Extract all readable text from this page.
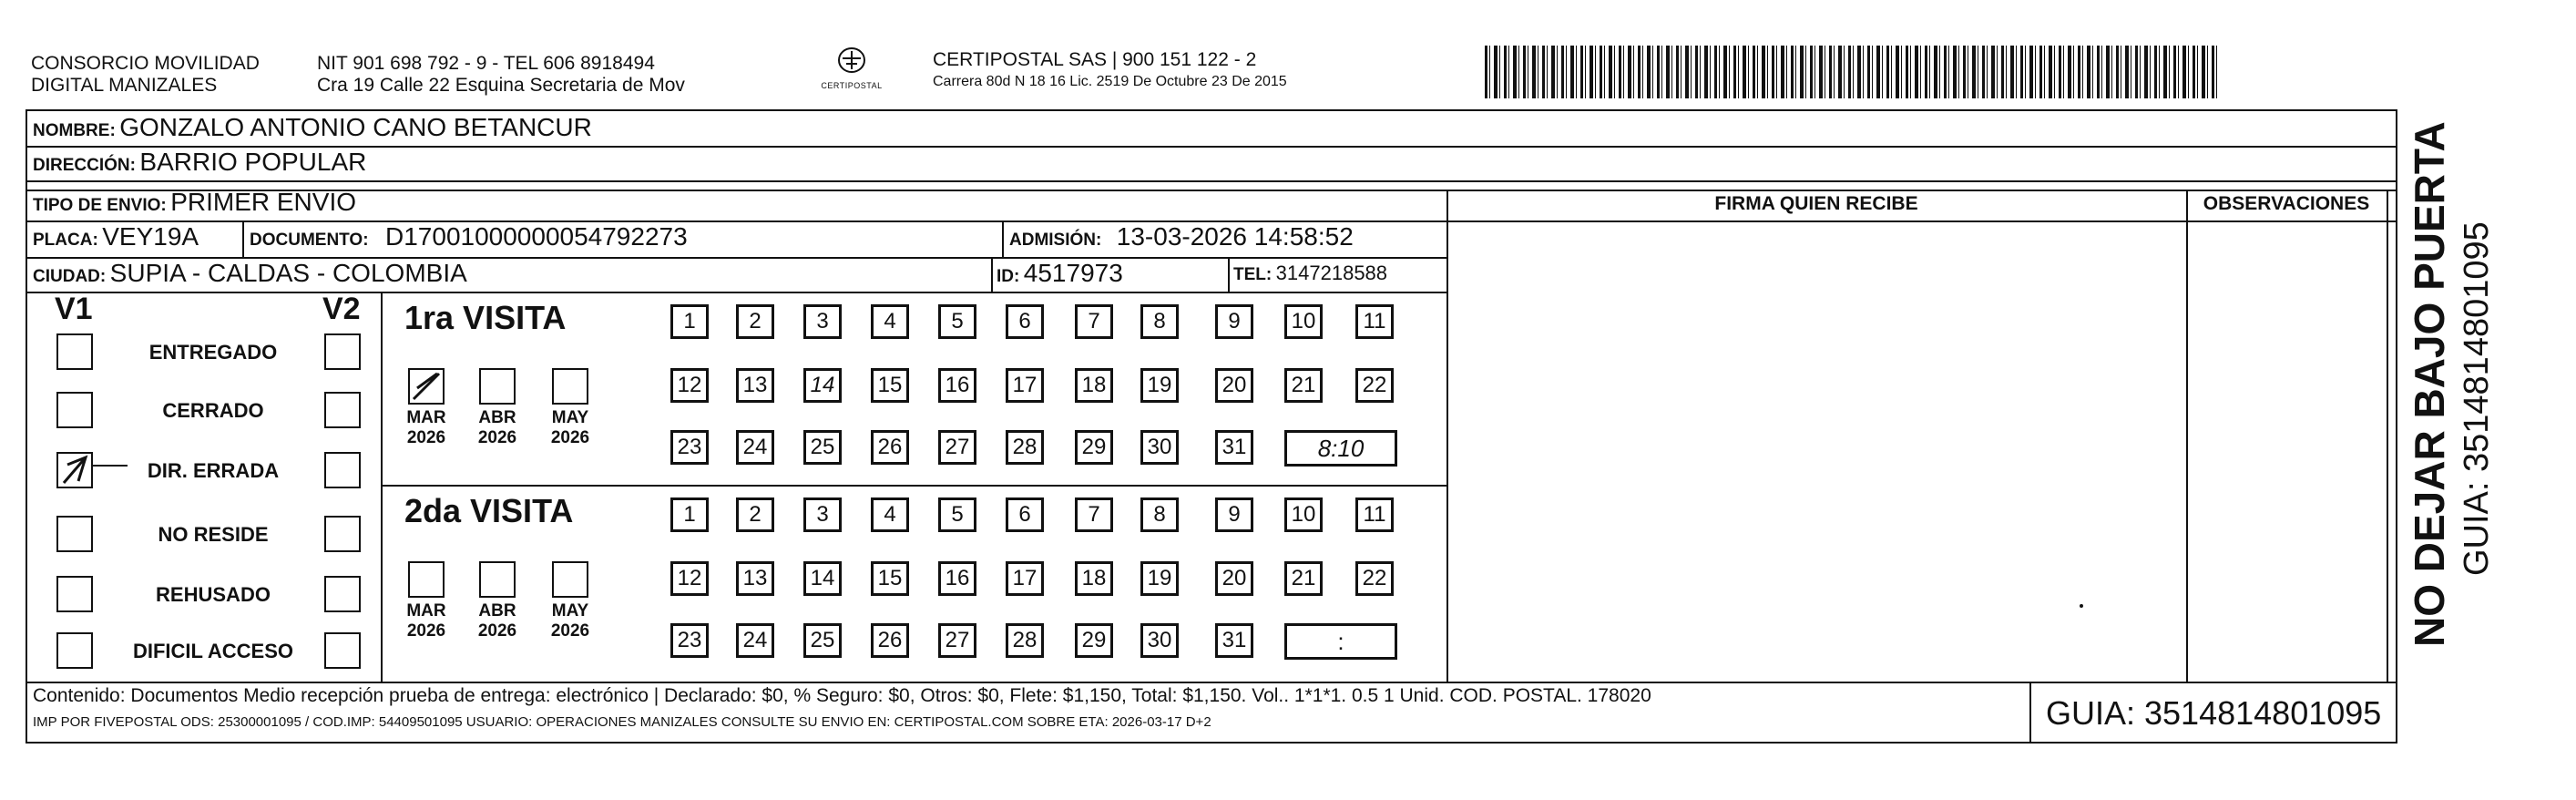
CONSORCIO MOVILIDAD
DIGITAL MANIZALES
NIT 901 698 792 - 9 - TEL 606 8918494
Cra 19 Calle 22 Esquina Secretaria de Mov	CERTIPOSTAL
CERTIPOSTAL SAS | 900 151 122 - 2
Carrera 80d N 18 16 Lic. 2519 De Octubre 23 De 2015
NOMBRE: GONZALO ANTONIO CANO BETANCUR
DIRECCIÓN: BARRIO POPULAR
TIPO DE ENVIO: PRIMER ENVIO
PLACA: VEY19A	DOCUMENTO: D17001000000054792273	ADMISIÓN: 13-03-2026 14:58:52
CIUDAD: SUPIA - CALDAS - COLOMBIA	ID: 4517973	TEL: 3147218588
FIRMA QUIEN RECIBE	OBSERVACIONES
V1	V2
ENTREGADO
CERRADO
DIR. ERRADA
NO RESIDE
REHUSADO
DIFICIL ACCESO
1ra VISITA
MAR
2026
ABR
2026
MAY
2026
1	2	3	4	5	6	7	8	9	10	11
12	13	14	15	16	17	18	19	20	21	22
23	24	25	26	27	28	29	30	31	8:10
2da VISITA
MAR
2026
ABR
2026
MAY
2026
1	2	3	4	5	6	7	8	9	10	11
12	13	14	15	16	17	18	19	20	21	22
23	24	25	26	27	28	29	30	31	:
Contenido: Documentos Medio recepción prueba de entrega: electrónico | Declarado: $0, % Seguro: $0, Otros: $0, Flete: $1,150, Total: $1,150. Vol.. 1*1*1. 0.5 1 Unid. COD. POSTAL. 178020
IMP POR FIVEPOSTAL ODS: 25300001095 / COD.IMP: 54409501095 USUARIO: OPERACIONES MANIZALES CONSULTE SU ENVIO EN: CERTIPOSTAL.COM SOBRE ETA: 2026-03-17 D+2	GUIA: 3514814801095
NO DEJAR BAJO PUERTA GUIA: 3514814801095
